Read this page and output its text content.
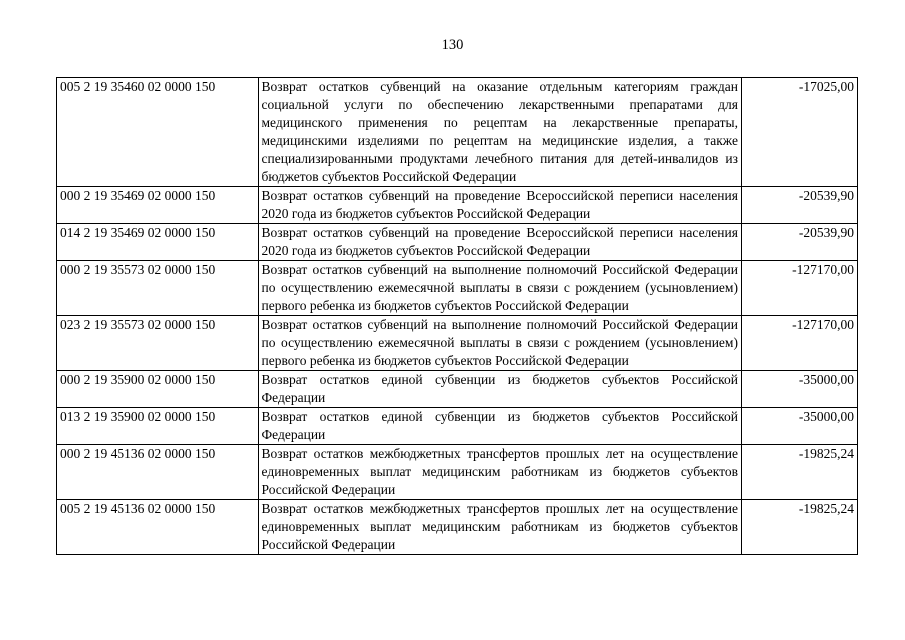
130
005 2 19 35460 02 0000 150	Возврат остатков субвенций на оказание отдельным категориям граждан социальной услуги по обеспечению лекарственными препаратами для медицинского применения по рецептам на лекарственные препараты, медицинскими изделиями по рецептам на медицинские изделия, а также специализированными продуктами лечебного питания для детей-инвалидов из бюджетов субъектов Российской Федерации	-17025,00
000 2 19 35469 02 0000 150	Возврат остатков субвенций на проведение Всероссийской переписи населения 2020 года из бюджетов субъектов Российской Федерации	-20539,90
014 2 19 35469 02 0000 150	Возврат остатков субвенций на проведение Всероссийской переписи населения 2020 года из бюджетов субъектов Российской Федерации	-20539,90
000 2 19 35573 02 0000 150	Возврат остатков субвенций на выполнение полномочий Российской Федерации по осуществлению ежемесячной выплаты в связи с рождением (усыновлением) первого ребенка из бюджетов субъектов Российской Федерации	-127170,00
023 2 19 35573 02 0000 150	Возврат остатков субвенций на выполнение полномочий Российской Федерации по осуществлению ежемесячной выплаты в связи с рождением (усыновлением) первого ребенка из бюджетов субъектов Российской Федерации	-127170,00
000 2 19 35900 02 0000 150	Возврат остатков единой субвенции из бюджетов субъектов Российской Федерации	-35000,00
013 2 19 35900 02 0000 150	Возврат остатков единой субвенции из бюджетов субъектов Российской Федерации	-35000,00
000 2 19 45136 02 0000 150	Возврат остатков межбюджетных трансфертов прошлых лет на осуществление единовременных выплат медицинским работникам из бюджетов субъектов Российской Федерации	-19825,24
005 2 19 45136 02 0000 150	Возврат остатков межбюджетных трансфертов прошлых лет на осуществление единовременных выплат медицинским работникам из бюджетов субъектов Российской Федерации	-19825,24
